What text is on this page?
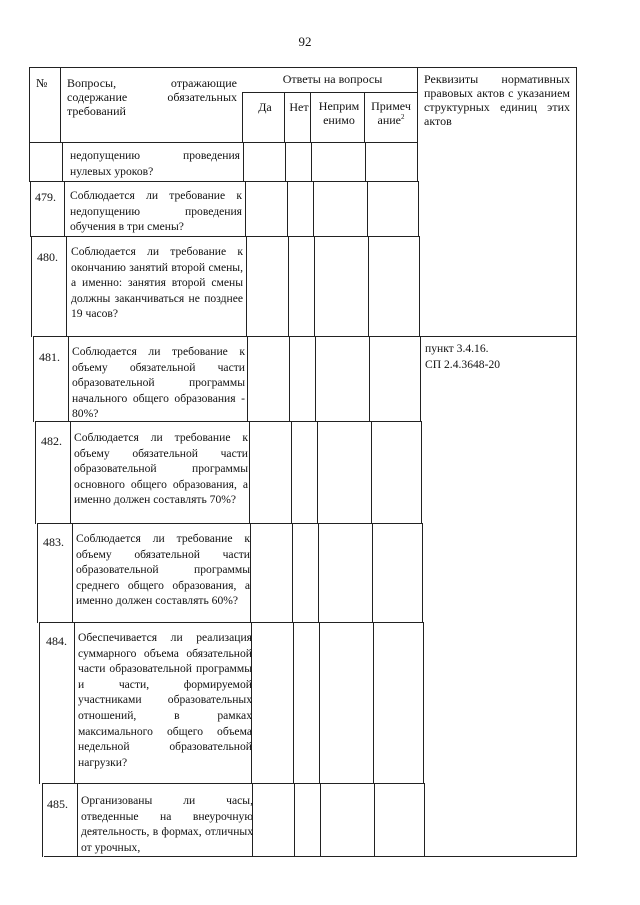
92
№ Вопросы, отражающие содержание обязательных требований
Ответы на вопросы
Да	Нет Неприм
енимо
Примеч
ание$^2$
Реквизиты нормативных правовых актов с указанием структурных единиц этих актов
недопущению проведения нулевых уроков?
479. Соблюдается ли требование к недопущению проведения обучения в три смены?
480. Соблюдается ли требование к окончанию занятий второй смены, а именно: занятия второй смены должны заканчиваться не позднее 19 часов?
481. Соблюдается ли требование к объему обязательной части образовательной программы начального общего образования - 80%?
482. Соблюдается ли требование к объему обязательной части образовательной программы основного общего образования, а именно должен составлять 70%?
483. Соблюдается ли требование к объему обязательной части образовательной программы среднего общего образования, а именно должен составлять 60%?
484. Обеспечивается ли реализация суммарного объема обязательной части образовательной программы и части, формируемой участниками образовательных отношений, в рамках максимального общего объема недельной образовательной нагрузки?
485. Организованы ли часы, отведенные на внеурочную деятельность, в формах, отличных от урочных,
пункт 3.4.16.
СП 2.4.3648-20
